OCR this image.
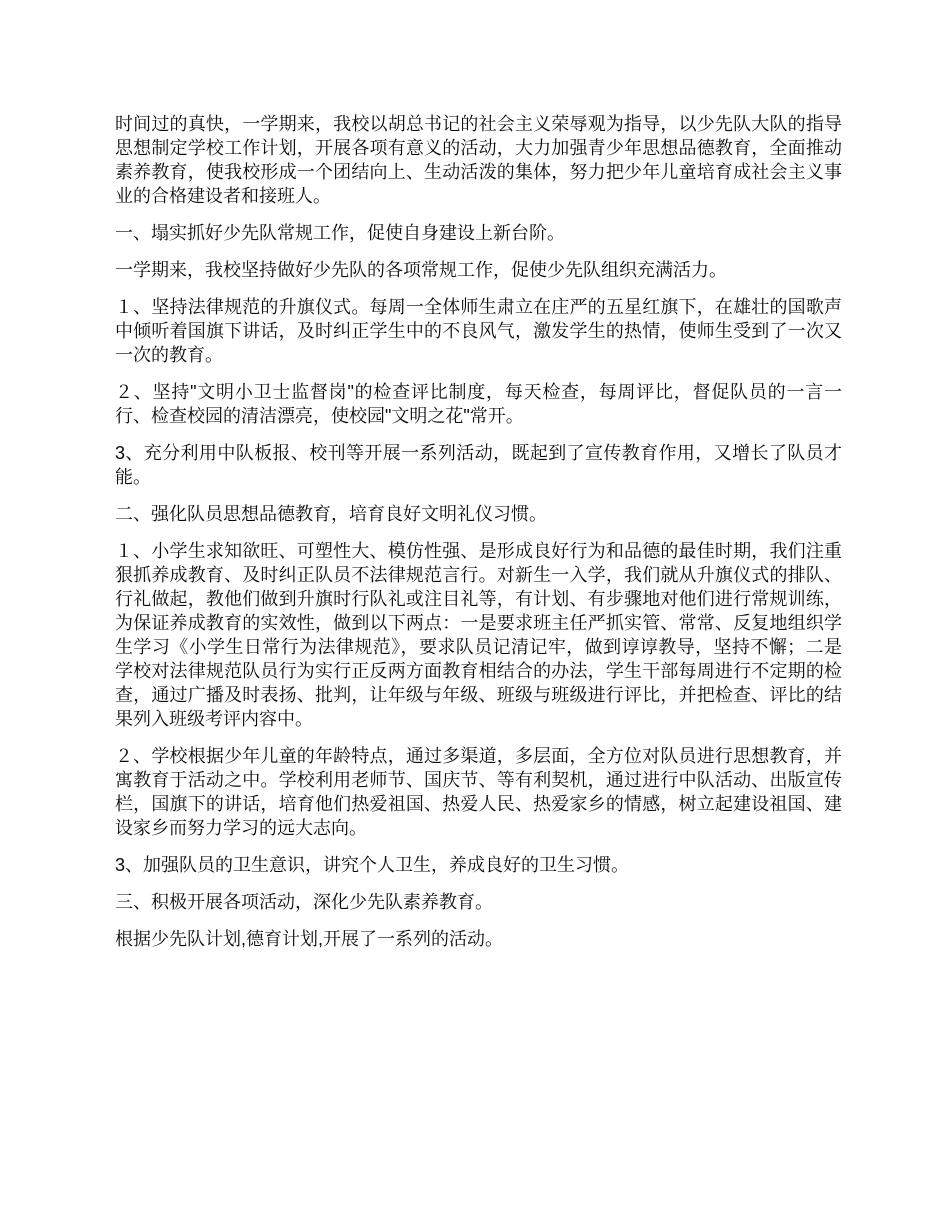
时间过的真快，一学期来，我校以胡总书记的社会主义荣辱观为指导，以少先队大队的指导思想制定学校工作计划，开展各项有意义的活动，大力加强青少年思想品德教育，全面推动素养教育，使我校形成一个团结向上、生动活泼的集体，努力把少年儿童培育成社会主义事业的合格建设者和接班人。

一、塌实抓好少先队常规工作，促使自身建设上新台阶。

一学期来，我校坚持做好少先队的各项常规工作，促使少先队组织充满活力。

１、坚持法律规范的升旗仪式。每周一全体师生肃立在庄严的五星红旗下，在雄壮的国歌声中倾听着国旗下讲话，及时纠正学生中的不良风气，激发学生的热情，使师生受到了一次又一次的教育。

２、坚持"文明小卫士监督岗"的检查评比制度，每天检查，每周评比，督促队员的一言一行、检查校园的清洁漂亮，使校园"文明之花"常开。

3、充分利用中队板报、校刊等开展一系列活动，既起到了宣传教育作用，又增长了队员才能。

二、强化队员思想品德教育，培育良好文明礼仪习惯。

１、小学生求知欲旺、可塑性大、模仿性强、是形成良好行为和品德的最佳时期，我们注重狠抓养成教育、及时纠正队员不法律规范言行。对新生一入学，我们就从升旗仪式的排队、行礼做起，教他们做到升旗时行队礼或注目礼等，有计划、有步骤地对他们进行常规训练，为保证养成教育的实效性，做到以下两点：一是要求班主任严抓实管、常常、反复地组织学生学习《小学生日常行为法律规范》，要求队员记清记牢，做到谆谆教导，坚持不懈；二是学校对法律规范队员行为实行正反两方面教育相结合的办法，学生干部每周进行不定期的检查，通过广播及时表扬、批判，让年级与年级、班级与班级进行评比，并把检查、评比的结果列入班级考评内容中。

２、学校根据少年儿童的年龄特点，通过多渠道，多层面，全方位对队员进行思想教育，并寓教育于活动之中。学校利用老师节、国庆节、等有利契机，通过进行中队活动、出版宣传栏，国旗下的讲话，培育他们热爱祖国、热爱人民、热爱家乡的情感，树立起建设祖国、建设家乡而努力学习的远大志向。

3、加强队员的卫生意识，讲究个人卫生，养成良好的卫生习惯。

三、积极开展各项活动，深化少先队素养教育。

根据少先队计划,德育计划,开展了一系列的活动。
